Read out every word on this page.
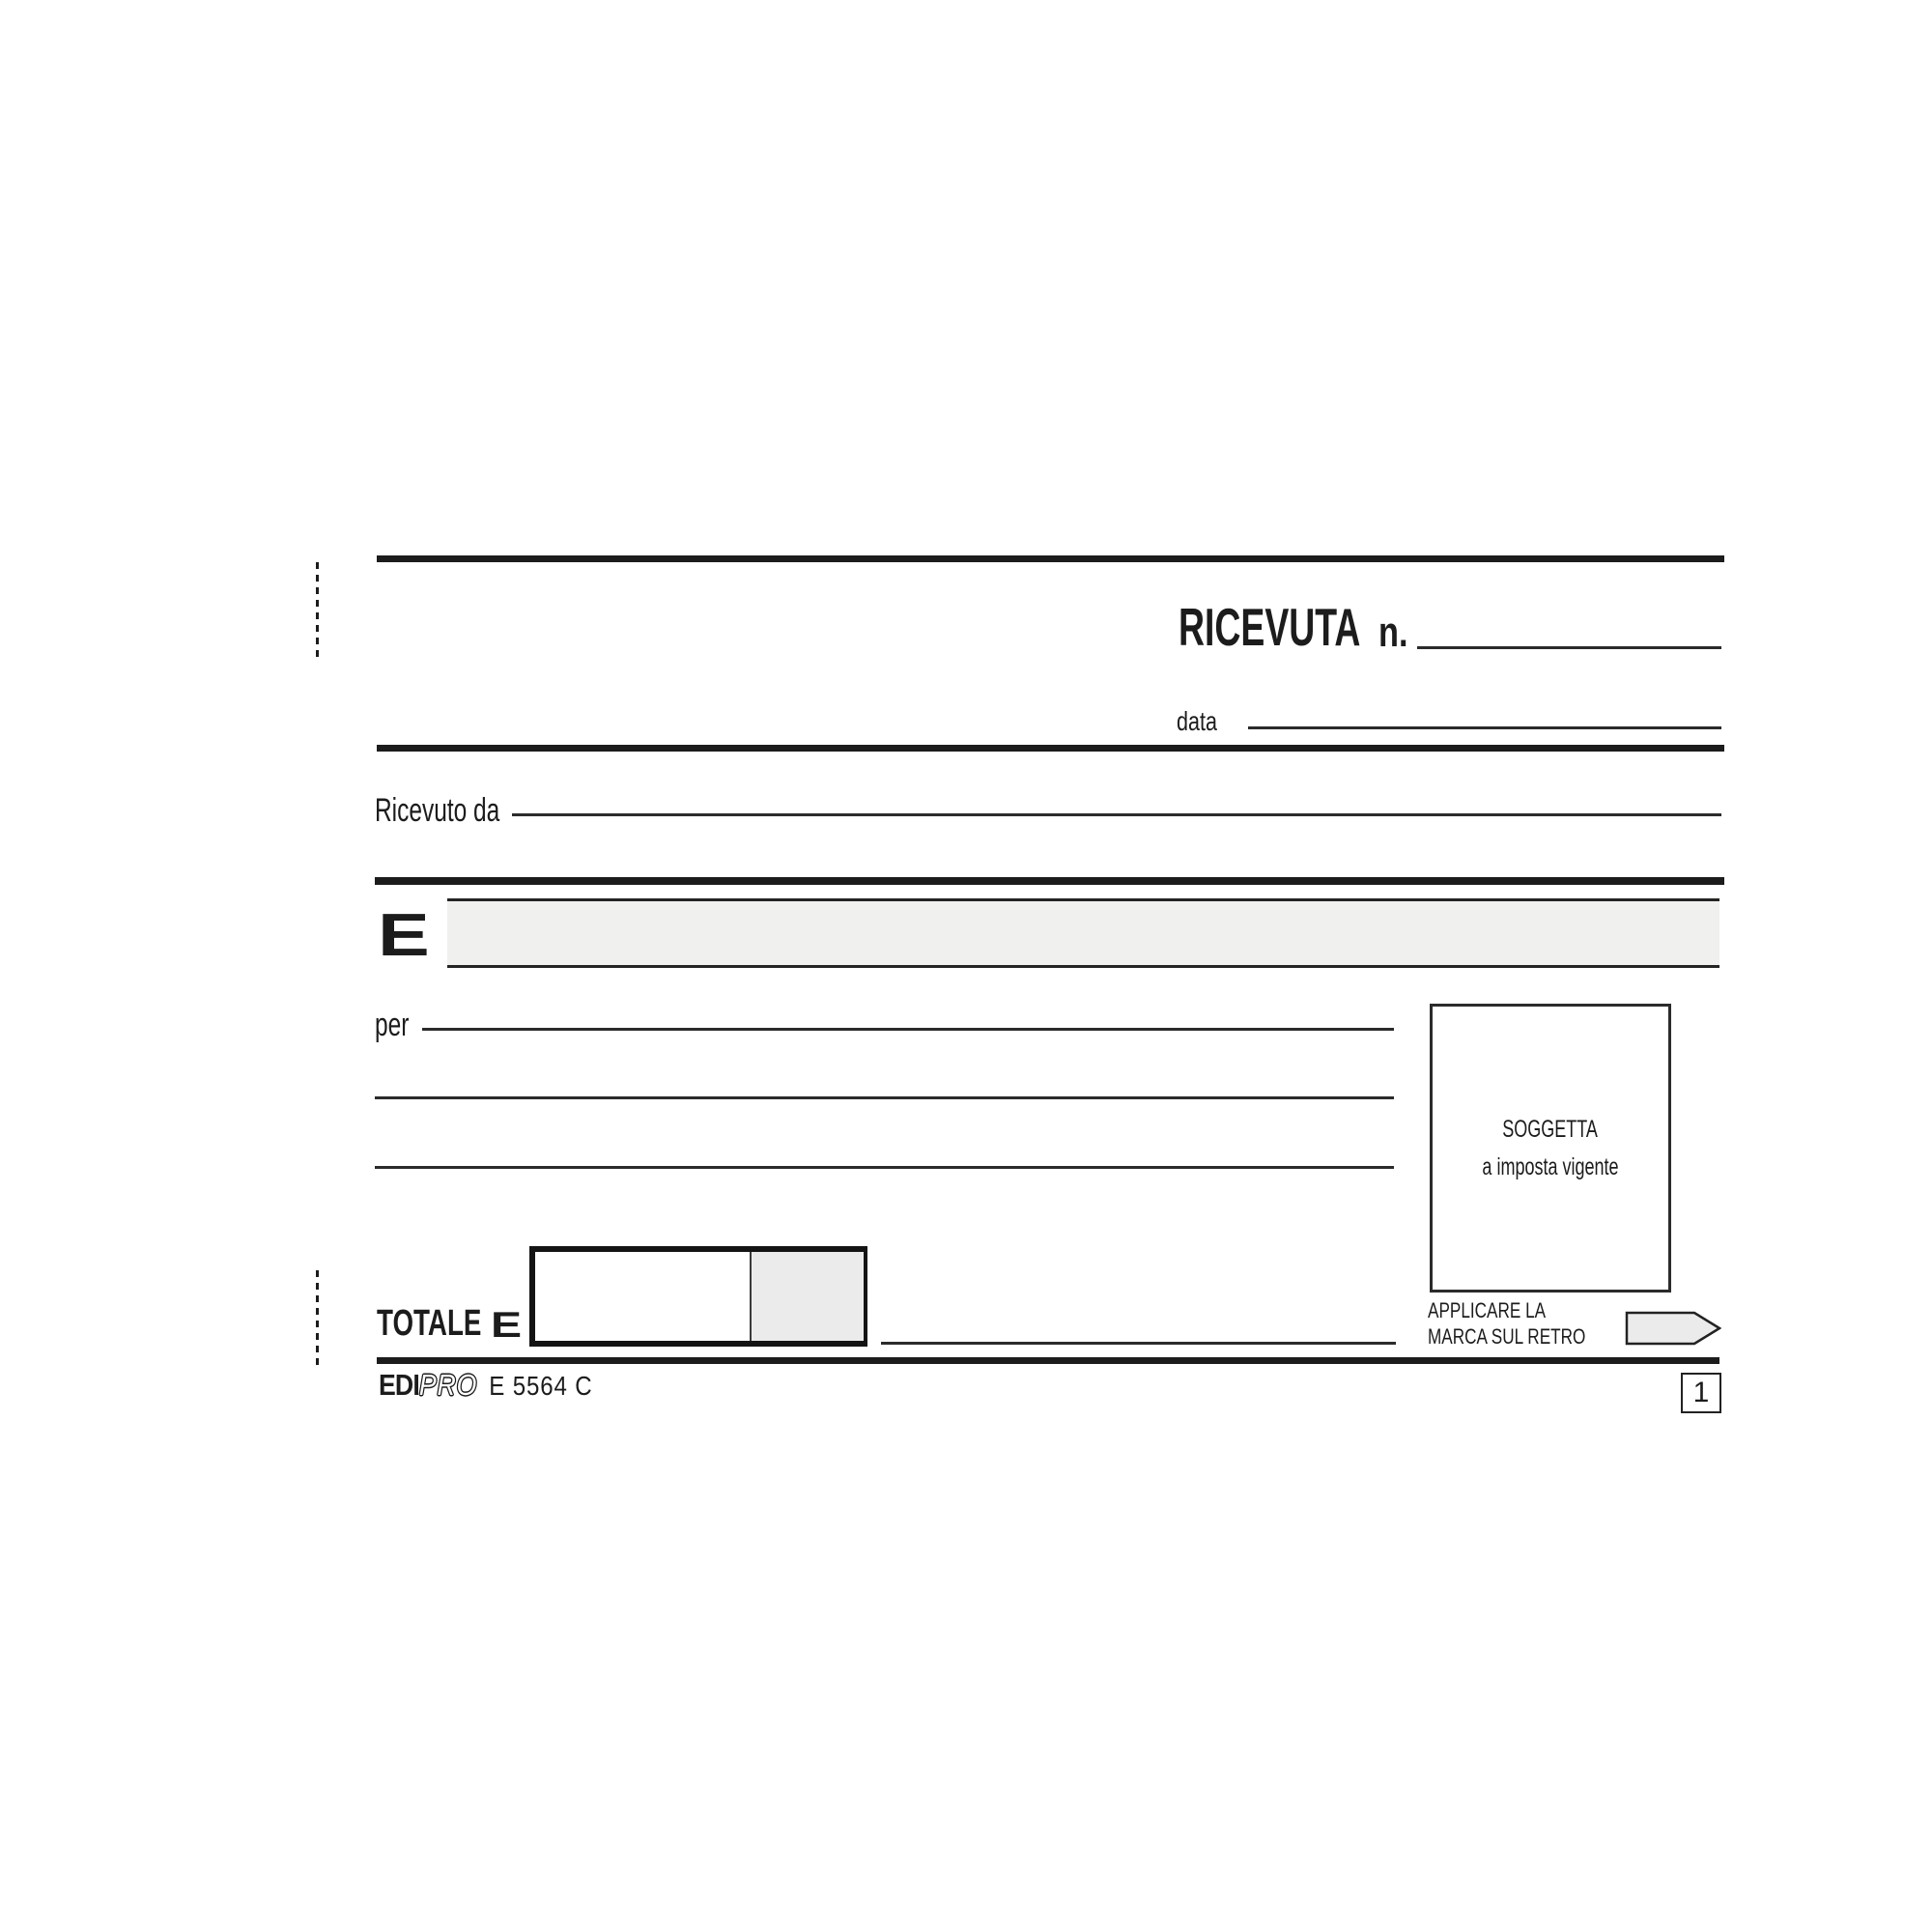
RICEVUTA n.
data
Ricevuto da
E
per
SOGGETTA
a imposta vigente
TOTALE E	APPLICARE LA
MARCA SUL RETRO
EDI PRO E 5564 C	1
